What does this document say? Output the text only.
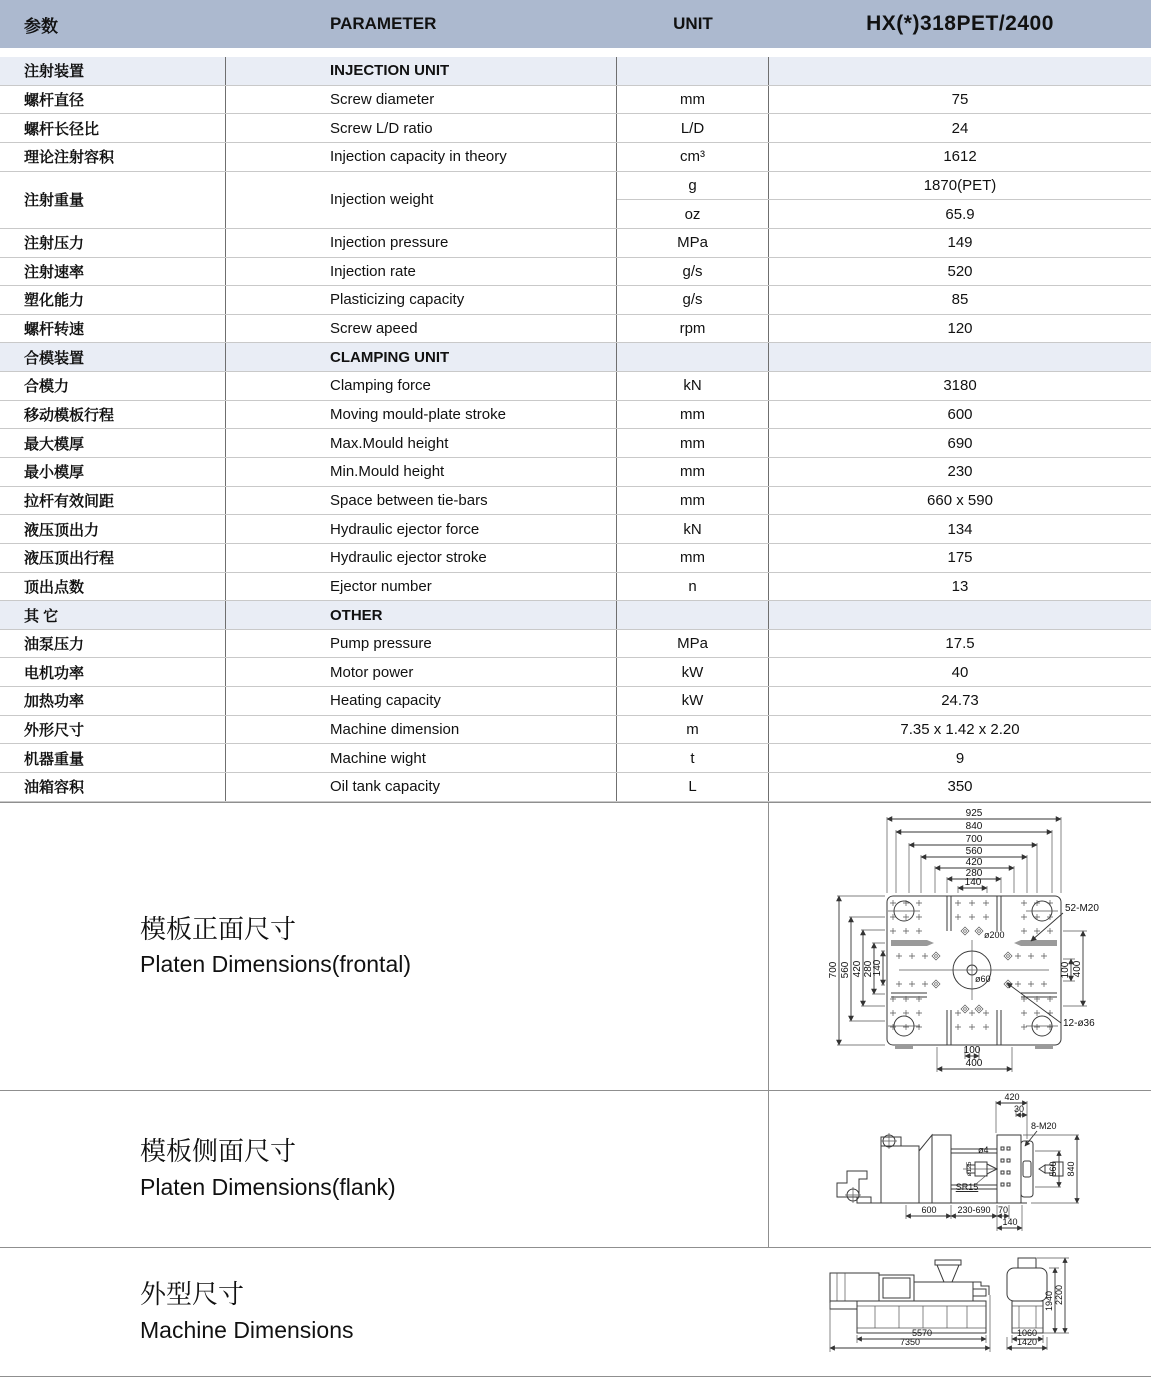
参数	PARAMETER	UNIT	HX(*)318PET/2400
注射装置	INJECTION UNIT
螺杆直径	Screw diameter	mm	75
螺杆长径比	Screw L/D ratio	L/D	24
理论注射容积	Injection capacity in theory	cm³	1612
注射重量	Injection weight
g	1870(PET)
oz	65.9
注射压力	Injection pressure	MPa	149
注射速率	Injection rate	g/s	520
塑化能力	Plasticizing capacity	g/s	85
螺杆转速	Screw apeed	rpm	120
合模装置	CLAMPING UNIT
合模力	Clamping force	kN	3180
移动模板行程	Moving mould-plate stroke	mm	600
最大模厚	Max.Mould height	mm	690
最小模厚	Min.Mould height	mm	230
拉杆有效间距	Space between tie-bars	mm	660 x 590
液压顶出力	Hydraulic ejector force	kN	134
液压顶出行程	Hydraulic ejector stroke	mm	175
顶出点数	Ejector number	n	13
其 它	OTHER
油泵压力	Pump pressure	MPa	17.5
电机功率	Motor power	kW	40
加热功率	Heating capacity	kW	24.73
外形尺寸	Machine dimension	m	7.35 x 1.42 x 2.20
机器重量	Machine wight	t	9
油箱容积	Oil tank capacity	L	350
模板正面尺寸
Platen Dimensions(frontal)
925
840
700
560
420
280
140
700 560 420 280
140	100 400
100
400
52-M20
ø200
ø60
12-ø36
模板侧面尺寸
Platen Dimensions(flank)
420
30
8-M20
ø4
ø125
SR15
560 840
600 230-690 70
140
外型尺寸
Machine Dimensions	5570
7350
1060
1420
1940 2200
